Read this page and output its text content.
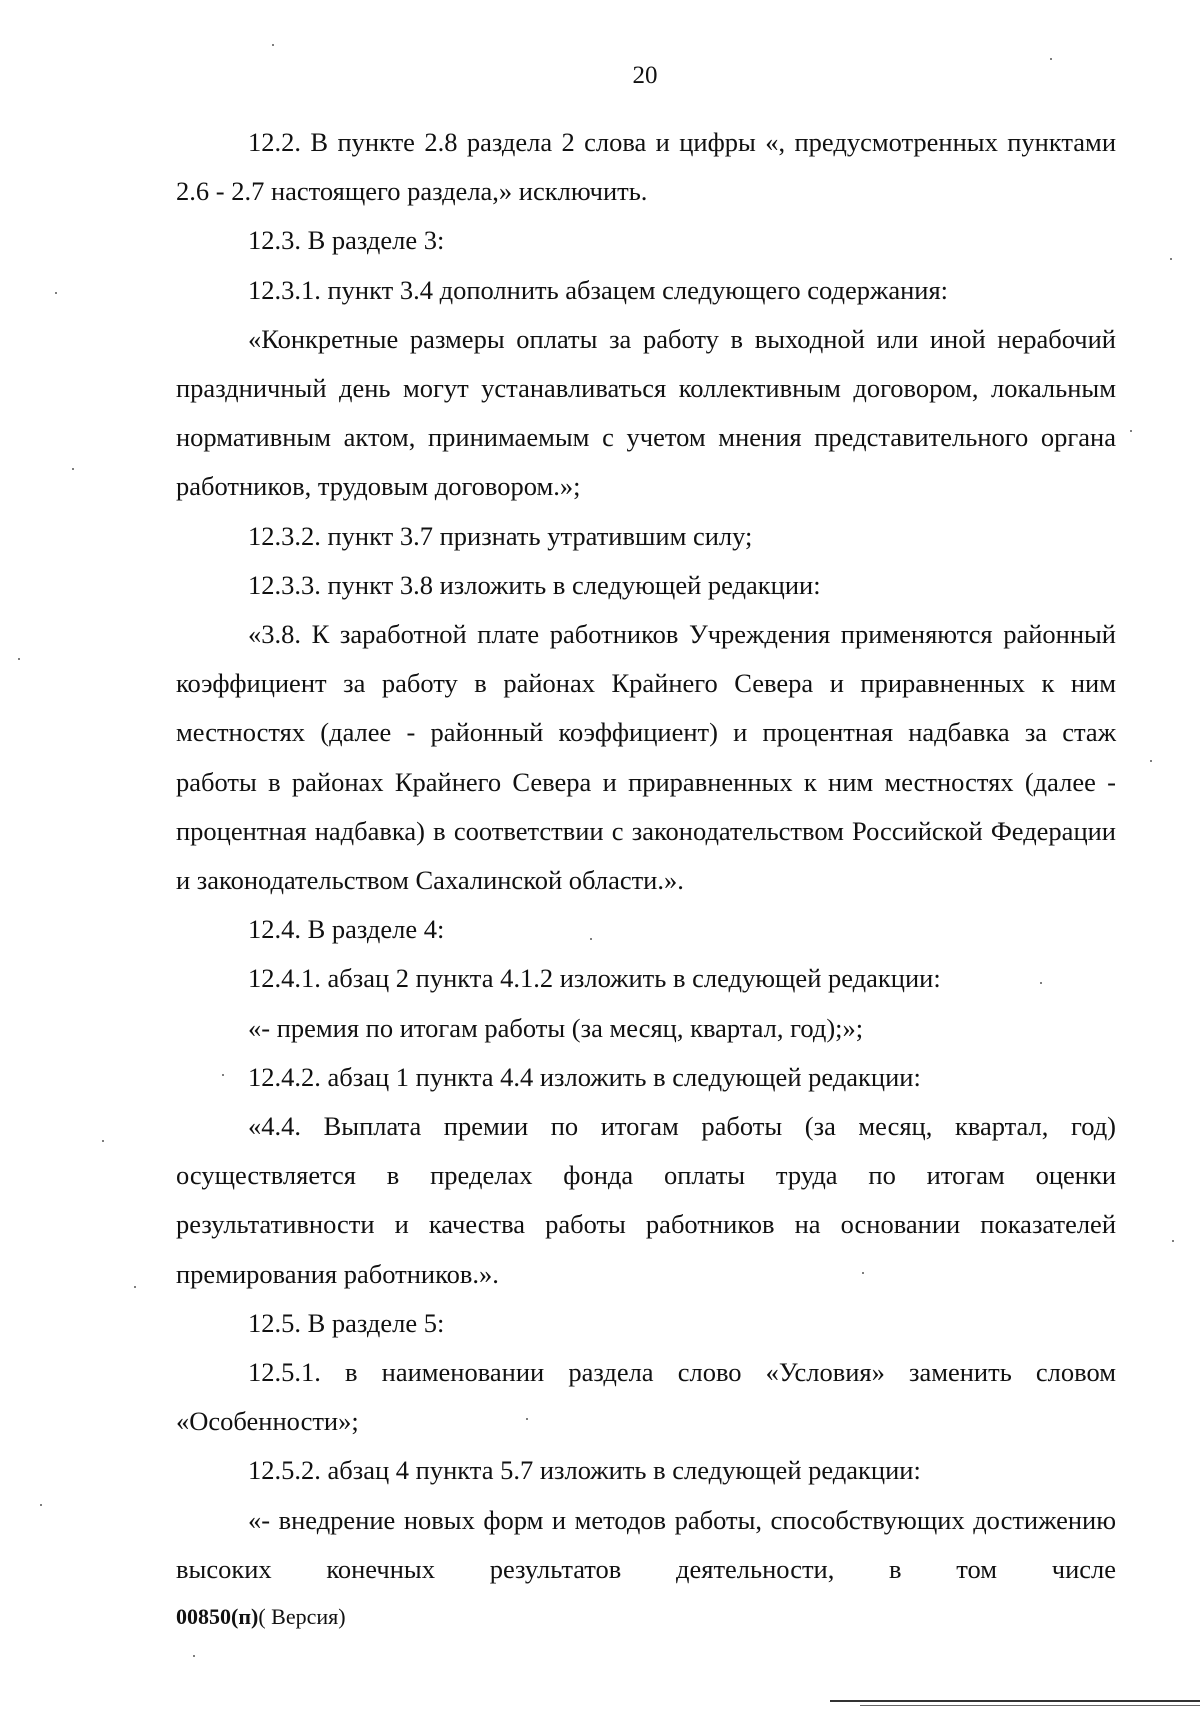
20

12.2. В пункте 2.8 раздела 2 слова и цифры «, предусмотренных пунктами 2.6 - 2.7 настоящего раздела,» исключить.

12.3. В разделе 3:

12.3.1. пункт 3.4 дополнить абзацем следующего содержания:

«Конкретные размеры оплаты за работу в выходной или иной нерабочий праздничный день могут устанавливаться коллективным договором, локальным нормативным актом, принимаемым с учетом мнения представительного органа работников, трудовым договором.»;

12.3.2. пункт 3.7 признать утратившим силу;

12.3.3. пункт 3.8 изложить в следующей редакции:

«3.8. К заработной плате работников Учреждения применяются районный коэффициент за работу в районах Крайнего Севера и приравненных к ним местностях (далее - районный коэффициент) и процентная надбавка за стаж работы в районах Крайнего Севера и приравненных к ним местностях (далее - процентная надбавка) в соответствии с законодательством Российской Федерации и законодательством Сахалинской области.».

12.4. В разделе 4:

12.4.1. абзац 2 пункта 4.1.2 изложить в следующей редакции:

«- премия по итогам работы (за месяц, квартал, год);»;

12.4.2. абзац 1 пункта 4.4 изложить в следующей редакции:

«4.4. Выплата премии по итогам работы (за месяц, квартал, год) осуществляется в пределах фонда оплаты труда по итогам оценки результативности и качества работы работников на основании показателей премирования работников.».

12.5. В разделе 5:

12.5.1. в наименовании раздела слово «Условия» заменить словом «Особенности»;

12.5.2. абзац 4 пункта 5.7 изложить в следующей редакции:

«- внедрение новых форм и методов работы, способствующих достижению высоких конечных результатов деятельности, в том числе

00850(п)( Версия)
